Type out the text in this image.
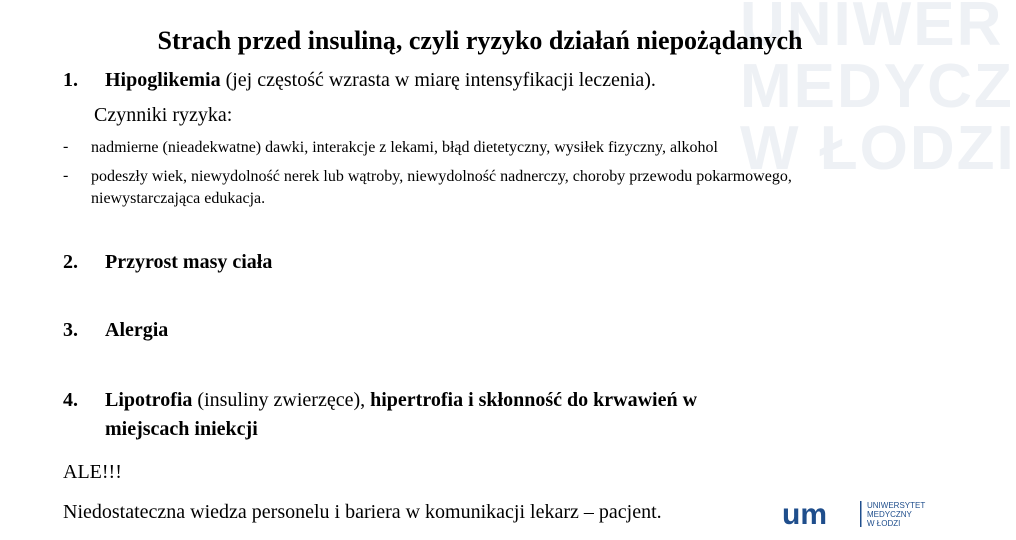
UNIWER
MEDYCZ
W ŁODZI
Strach przed insuliną, czyli ryzyko działań niepożądanych
1. Hipoglikemia (jej częstość wzrasta w miarę intensyfikacji leczenia).
Czynniki ryzyka:
- nadmierne (nieadekwatne) dawki, interakcje z lekami, błąd dietetyczny, wysiłek fizyczny, alkohol
- podeszły wiek, niewydolność nerek lub wątroby, niewydolność nadnerczy, choroby przewodu pokarmowego, niewystarczająca edukacja.
2. Przyrost masy ciała
3. Alergia
4. Lipotrofia (insuliny zwierzęce), hipertrofia i skłonność do krwawień w
miejscach iniekcji
ALE!!!
Niedostateczna wiedza personelu i bariera w komunikacji lekarz – pacjent.	um	UNIWERSYTET
MEDYCZNY
W ŁODZI
